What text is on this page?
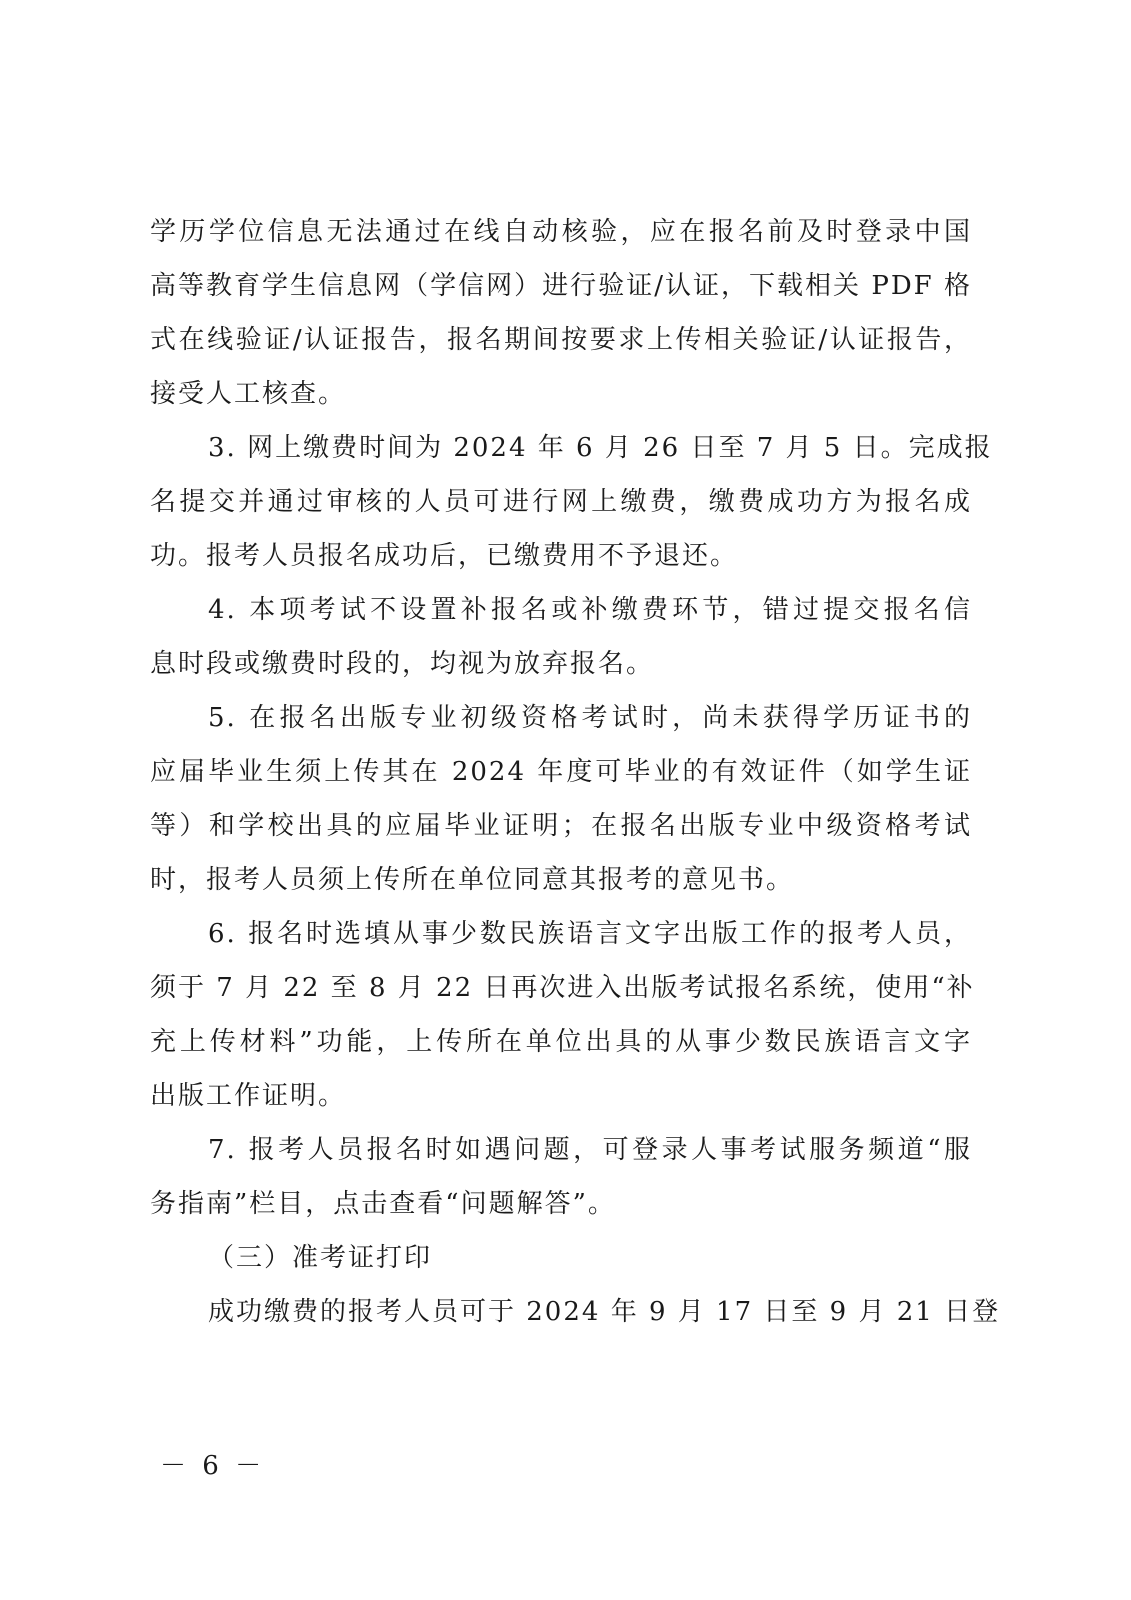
学历学位信息无法通过在线自动核验，应在报名前及时登录中国
高等教育学生信息网（学信网）进行验证/认证，下载相关 PDF 格
式在线验证/认证报告，报名期间按要求上传相关验证/认证报告，
接受人工核查。
3. 网上缴费时间为 2024 年 6 月 26 日至 7 月 5 日。完成报
名提交并通过审核的人员可进行网上缴费，缴费成功方为报名成
功。报考人员报名成功后，已缴费用不予退还。
4. 本项考试不设置补报名或补缴费环节，错过提交报名信
息时段或缴费时段的，均视为放弃报名。
5. 在报名出版专业初级资格考试时，尚未获得学历证书的
应届毕业生须上传其在 2024 年度可毕业的有效证件（如学生证
等）和学校出具的应届毕业证明；在报名出版专业中级资格考试
时，报考人员须上传所在单位同意其报考的意见书。
6. 报名时选填从事少数民族语言文字出版工作的报考人员，
须于 7 月 22 至 8 月 22 日再次进入出版考试报名系统，使用“补
充上传材料”功能，上传所在单位出具的从事少数民族语言文字
出版工作证明。
7. 报考人员报名时如遇问题，可登录人事考试服务频道“服
务指南”栏目，点击查看“问题解答”。
（三）准考证打印
成功缴费的报考人员可于 2024 年 9 月 17 日至 9 月 21 日登
－ 6 －
